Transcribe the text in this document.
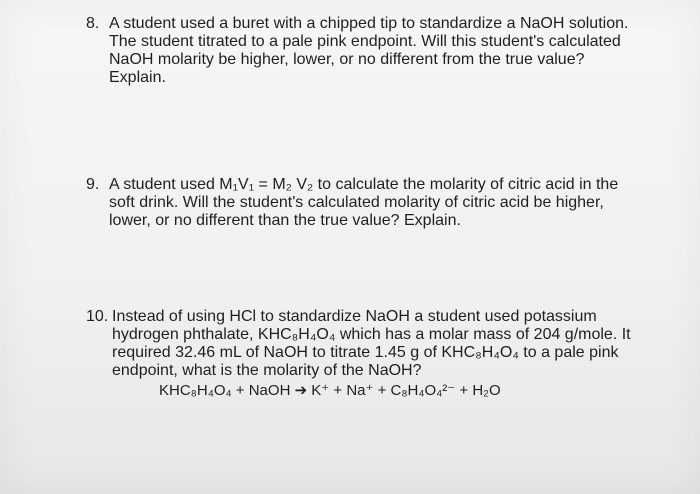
8. A student used a buret with a chipped tip to standardize a NaOH solution.
The student titrated to a pale pink endpoint. Will this student's calculated
NaOH molarity be higher, lower, or no different from the true value?
Explain.
9. A student used M₁V₁ = M₂ V₂ to calculate the molarity of citric acid in the
soft drink. Will the student's calculated molarity of citric acid be higher,
lower, or no different than the true value? Explain.
10. Instead of using HCl to standardize NaOH a student used potassium
hydrogen phthalate, KHC₈H₄O₄ which has a molar mass of 204 g/mole. It
required 32.46 mL of NaOH to titrate 1.45 g of KHC₈H₄O₄ to a pale pink
endpoint, what is the molarity of the NaOH?
KHC₈H₄O₄ + NaOH ➔ K⁺ + Na⁺ + C₈H₄O₄²⁻ + H₂O
